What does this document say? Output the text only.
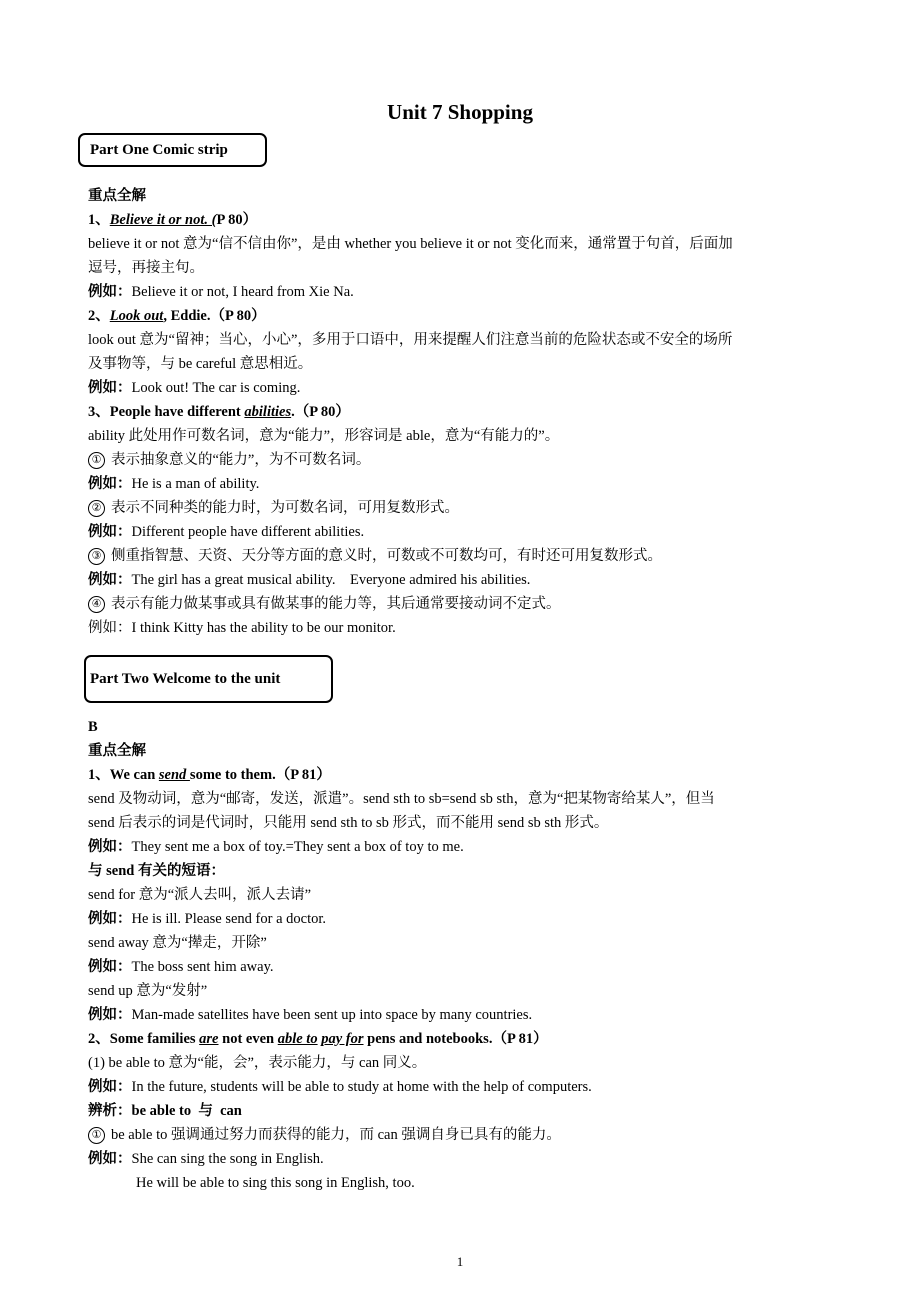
Unit 7 Shopping
Part One Comic strip
重点全解
1、Believe it or not. (P 80）
believe it or not 意为“信不信由你”，是由 whether you believe it or not 变化而来，通常置于句首，后面加
逗号，再接主句。
例如：Believe it or not, I heard from Xie Na.
2、Look out, Eddie.（P 80）
look out 意为“留神；当心，小心”，多用于口语中，用来提醒人们注意当前的危险状态或不安全的场所
及事物等，与 be careful 意思相近。
例如：Look out! The car is coming.
3、People have different abilities.（P 80）
ability 此处用作可数名词，意为“能力”，形容词是 able，意为“有能力的”。
① 表示抽象意义的“能力”，为不可数名词。
例如：He is a man of ability.
② 表示不同种类的能力时，为可数名词，可用复数形式。
例如：Different people have different abilities.
③ 侧重指智慧、天资、天分等方面的意义时，可数或不可数均可，有时还可用复数形式。
例如：The girl has a great musical ability.    Everyone admired his abilities.
④ 表示有能力做某事或具有做某事的能力等，其后通常要接动词不定式。
例如：I think Kitty has the ability to be our monitor.
Part Two Welcome to the unit
B
重点全解
1、We can send some to them.（P 81）
send 及物动词，意为“邮寄，发送，派遣”。send sth to sb=send sb sth，意为“把某物寄给某人”，但当
send 后表示的词是代词时，只能用 send sth to sb 形式，而不能用 send sb sth 形式。
例如：They sent me a box of toy.=They sent a box of toy to me.
与 send 有关的短语：
send for 意为“派人去叫，派人去请”
例如：He is ill. Please send for a doctor.
send away 意为“撵走，开除”
例如：The boss sent him away.
send up 意为“发射”
例如：Man-made satellites have been sent up into space by many countries.
2、Some families are not even able to pay for pens and notebooks.（P 81）
(1) be able to 意为“能，会”，表示能力，与 can 同义。
例如：In the future, students will be able to study at home with the help of computers.
辨析：be able to  与  can
① be able to 强调通过努力而获得的能力，而 can 强调自身已具有的能力。
例如：She can sing the song in English.
He will be able to sing this song in English, too.
1
